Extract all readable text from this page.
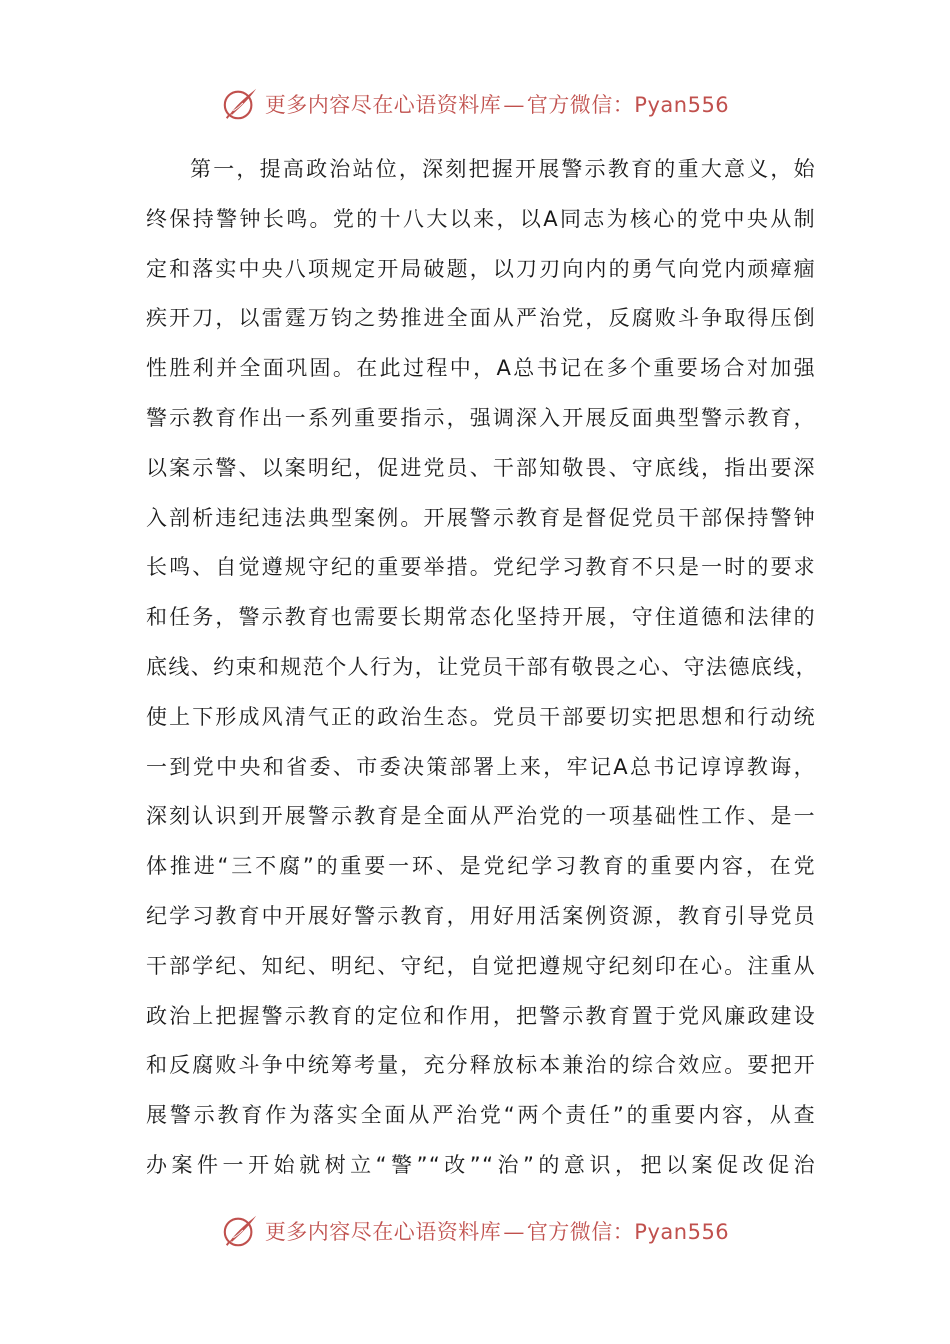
更多内容尽在心语资料库—官方微信：Pyan556
第一，提高政治站位，深刻把握开展警示教育的重大意义，始
终保持警钟长鸣。党的十八大以来，以A同志为核心的党中央从制
定和落实中央八项规定开局破题，以刀刃向内的勇气向党内顽瘴痼
疾开刀，以雷霆万钧之势推进全面从严治党，反腐败斗争取得压倒
性胜利并全面巩固。在此过程中，A总书记在多个重要场合对加强
警示教育作出一系列重要指示，强调深入开展反面典型警示教育，
以案示警、以案明纪，促进党员、干部知敬畏、守底线，指出要深
入剖析违纪违法典型案例。开展警示教育是督促党员干部保持警钟
长鸣、自觉遵规守纪的重要举措。党纪学习教育不只是一时的要求
和任务，警示教育也需要长期常态化坚持开展，守住道德和法律的
底线、约束和规范个人行为，让党员干部有敬畏之心、守法德底线，
使上下形成风清气正的政治生态。党员干部要切实把思想和行动统
一到党中央和省委、市委决策部署上来，牢记A总书记谆谆教诲，
深刻认识到开展警示教育是全面从严治党的一项基础性工作、是一
体推进“三不腐”的重要一环、是党纪学习教育的重要内容，在党
纪学习教育中开展好警示教育，用好用活案例资源，教育引导党员
干部学纪、知纪、明纪、守纪，自觉把遵规守纪刻印在心。注重从
政治上把握警示教育的定位和作用，把警示教育置于党风廉政建设
和反腐败斗争中统筹考量，充分释放标本兼治的综合效应。要把开
展警示教育作为落实全面从严治党“两个责任”的重要内容，从查
办案件一开始就树立“警”“改”“治”的意识，把以案促改促治
更多内容尽在心语资料库—官方微信：Pyan556
